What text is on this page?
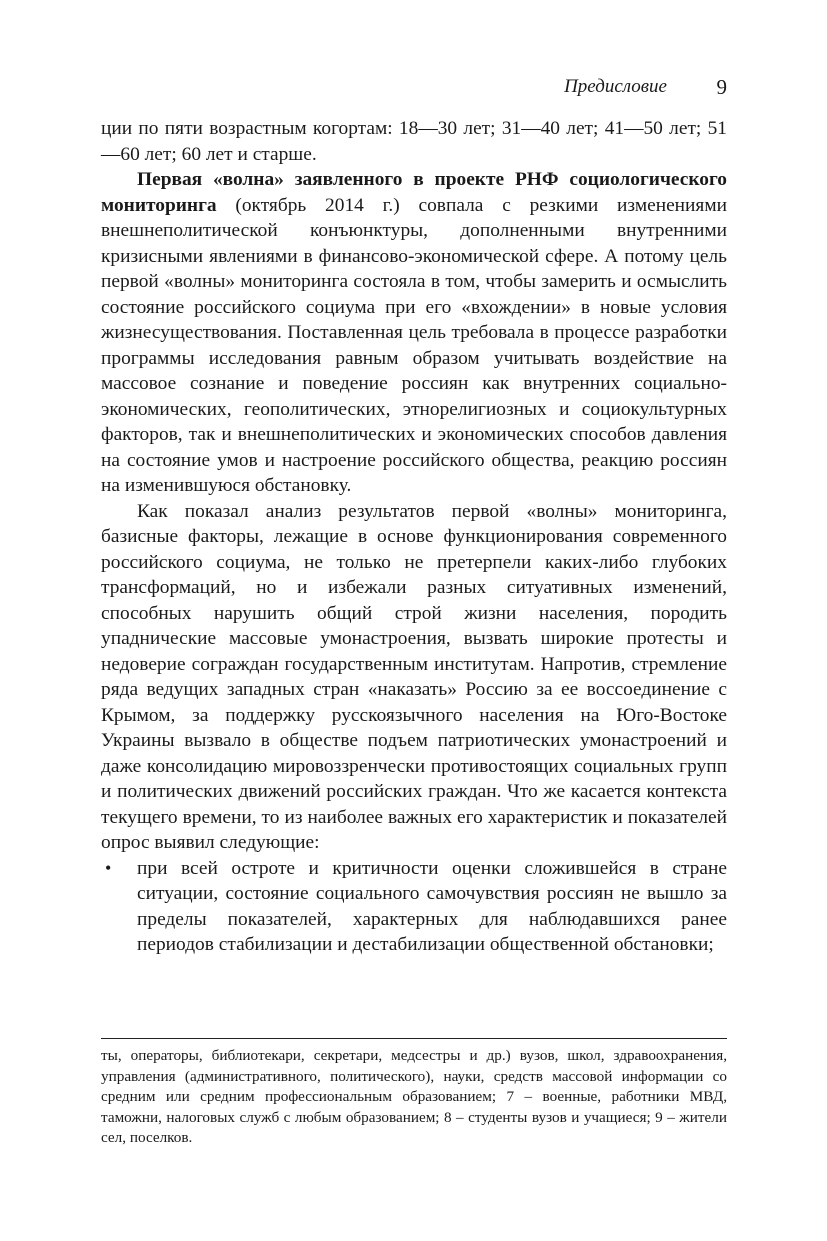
Предисловие 9

ции по пяти возрастным когортам: 18—30 лет; 31—40 лет; 41—50 лет; 51—60 лет; 60 лет и старше.

Первая «волна» заявленного в проекте РНФ социологического мониторинга (октябрь 2014 г.) совпала с резкими изменениями внешнеполитической конъюнктуры, дополненными внутренними кризисными явлениями в финансово-экономической сфере. А потому цель первой «волны» мониторинга состояла в том, чтобы замерить и осмыслить состояние российского социума при его «вхождении» в новые условия жизнесуществования. Поставленная цель требовала в процессе разработки программы исследования равным образом учитывать воздействие на массовое сознание и поведение россиян как внутренних социально-экономических, геополитических, этнорелигиозных и социокультурных факторов, так и внешнеполитических и экономических способов давления на состояние умов и настроение российского общества, реакцию россиян на изменившуюся обстановку.

Как показал анализ результатов первой «волны» мониторинга, базисные факторы, лежащие в основе функционирования современного российского социума, не только не претерпели каких-либо глубоких трансформаций, но и избежали разных ситуативных изменений, способных нарушить общий строй жизни населения, породить упаднические массовые умонастроения, вызвать широкие протесты и недоверие сограждан государственным институтам. Напротив, стремление ряда ведущих западных стран «наказать» Россию за ее воссоединение с Крымом, за поддержку русскоязычного населения на Юго-Востоке Украины вызвало в обществе подъем патриотических умонастроений и даже консолидацию мировоззренчески противостоящих социальных групп и политических движений российских граждан. Что же касается контекста текущего времени, то из наиболее важных его характеристик и показателей опрос выявил следующие:

• при всей остроте и критичности оценки сложившейся в стране ситуации, состояние социального самочувствия россиян не вышло за пределы показателей, характерных для наблюдавшихся ранее периодов стабилизации и дестабилизации общественной обстановки;

ты, операторы, библиотекари, секретари, медсестры и др.) вузов, школ, здравоохранения, управления (административного, политического), науки, средств массовой информации со средним или средним профессиональным образованием; 7 – военные, работники МВД, таможни, налоговых служб с любым образованием; 8 – студенты вузов и учащиеся; 9 – жители сел, поселков.
